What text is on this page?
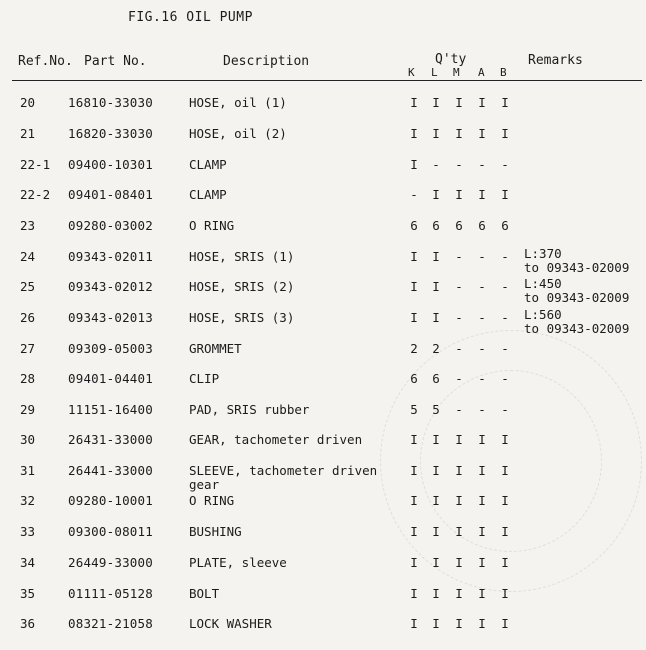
FIG.16 OIL PUMP
Ref.No. Part No.	Description	Q'ty	Remarks
K L M A B
20	16810-33030	HOSE, oil (1)	I I I I I
21	16820-33030	HOSE, oil (2)	I I I I I
22-1 09400-10301	CLAMP	I - - - -
22-2 09401-08401	CLAMP	- I I I I
23	09280-03002	O RING	6 6 6 6 6
24	09343-02011	HOSE, SRIS (1)	I I - - - L:370
to 09343-02009
25	09343-02012	HOSE, SRIS (2)	I I - - - L:450
to 09343-02009
26	09343-02013	HOSE, SRIS (3)	I I - - - L:560
to 09343-02009
27	09309-05003	GROMMET	2 2 - - -
28	09401-04401	CLIP	6 6 - - -
29	11151-16400	PAD, SRIS rubber	5 5 - - -
30	26431-33000	GEAR, tachometer driven	I I I I I
31	26441-33000	SLEEVE, tachometer driven
gear
I I I I I
32	09280-10001	O RING	I I I I I
33	09300-08011	BUSHING	I I I I I
34	26449-33000	PLATE, sleeve	I I I I I
35	01111-05128	BOLT	I I I I I
36	08321-21058	LOCK WASHER	I I I I I
